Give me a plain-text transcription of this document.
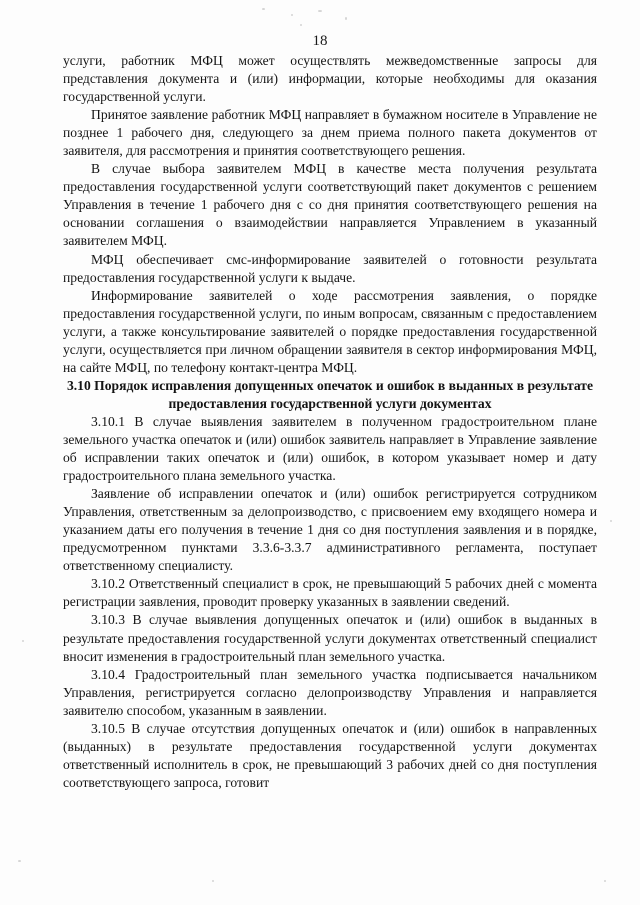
18

услуги, работник МФЦ может осуществлять межведомственные запросы для представления документа и (или) информации, которые необходимы для оказания государственной услуги.

Принятое заявление работник МФЦ направляет в бумажном носителе в Управление не позднее 1 рабочего дня, следующего за днем приема полного пакета документов от заявителя, для рассмотрения и принятия соответствующего решения.

В случае выбора заявителем МФЦ в качестве места получения результата предоставления государственной услуги соответствующий пакет документов с решением Управления в течение 1 рабочего дня с со дня принятия соответствующего решения на основании соглашения о взаимодействии направляется Управлением в указанный заявителем МФЦ.

МФЦ обеспечивает смс-информирование заявителей о готовности результата предоставления государственной услуги к выдаче.

Информирование заявителей о ходе рассмотрения заявления, о порядке предоставления государственной услуги, по иным вопросам, связанным с предоставлением услуги, а также консультирование заявителей о порядке предоставления государственной услуги, осуществляется при личном обращении заявителя в сектор информирования МФЦ, на сайте МФЦ, по телефону контакт-центра МФЦ.

3.10 Порядок исправления допущенных опечаток и ошибок в выданных в результате предоставления государственной услуги документах

3.10.1 В случае выявления заявителем в полученном градостроительном плане земельного участка опечаток и (или) ошибок заявитель направляет в Управление заявление об исправлении таких опечаток и (или) ошибок, в котором указывает номер и дату градостроительного плана земельного участка.

Заявление об исправлении опечаток и (или) ошибок регистрируется сотрудником Управления, ответственным за делопроизводство, с присвоением ему входящего номера и указанием даты его получения в течение 1 дня со дня поступления заявления и в порядке, предусмотренном пунктами 3.3.6-3.3.7 административного регламента, поступает ответственному специалисту.

3.10.2 Ответственный специалист в срок, не превышающий 5 рабочих дней с момента регистрации заявления, проводит проверку указанных в заявлении сведений.

3.10.3 В случае выявления допущенных опечаток и (или) ошибок в выданных в результате предоставления государственной услуги документах ответственный специалист вносит изменения в градостроительный план земельного участка.

3.10.4 Градостроительный план земельного участка подписывается начальником Управления, регистрируется согласно делопроизводству Управления и направляется заявителю способом, указанным в заявлении.

3.10.5 В случае отсутствия допущенных опечаток и (или) ошибок в направленных (выданных) в результате предоставления государственной услуги документах ответственный исполнитель в срок, не превышающий 3 рабочих дней со дня поступления соответствующего запроса, готовит
